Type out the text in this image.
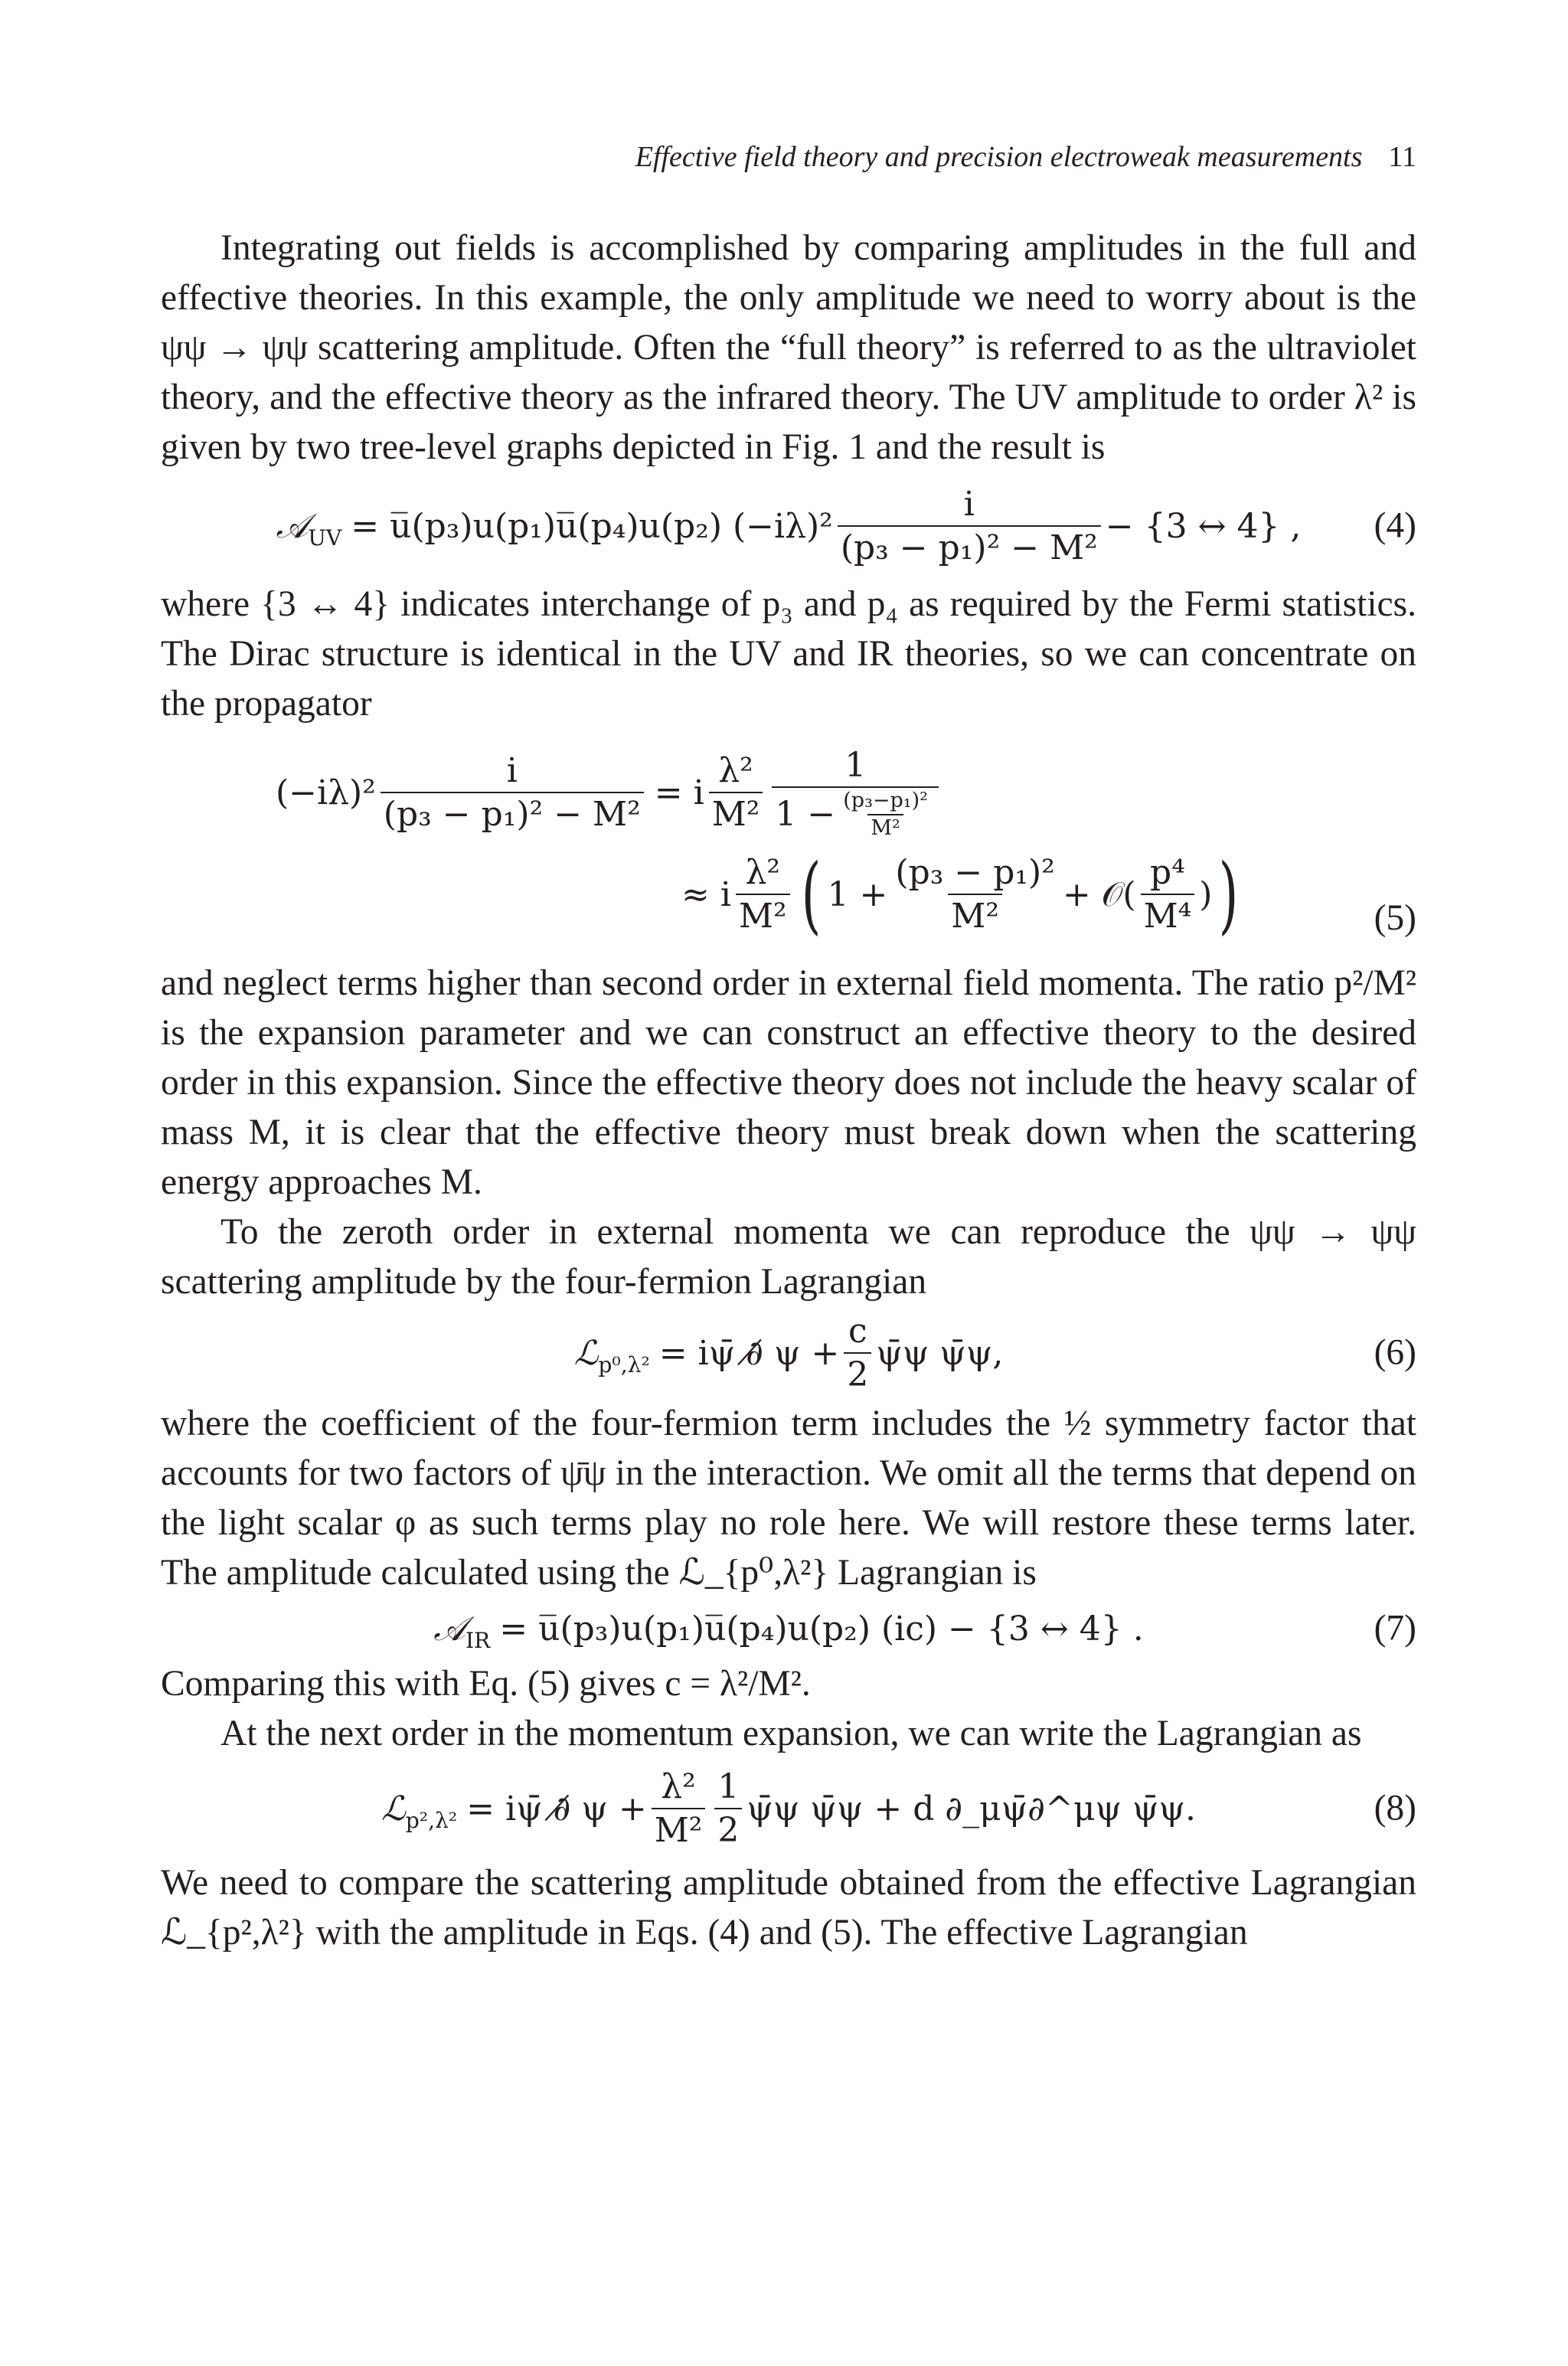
Effective field theory and precision electroweak measurements 11

Integrating out fields is accomplished by comparing amplitudes in the full and effective theories. In this example, the only amplitude we need to worry about is the ψψ → ψψ scattering amplitude. Often the “full theory” is referred to as the ultraviolet theory, and the effective theory as the infrared theory. The UV amplitude to order λ² is given by two tree-level graphs depicted in Fig. 1 and the result is

𝒜$_{UV}$ = u̅(p₃)u(p₁)u̅(p₄)u(p₂) $(-i\lambda)^2 \frac{i}{\text{(p₃ − p₁)² − M²}} - \{3$ ↔ 4} , (4)

where {3 ↔ 4} indicates interchange of p₃ and p₄ as required by the Fermi statistics. The Dirac structure is identical in the UV and IR theories, so we can concentrate on the propagator

$(-i\lambda)^2 \frac{i}{\text{(p₃ − p₁)² − M²}} = i \frac{\text{λ²}}{\text{M²}} \frac{1}{1 - \frac{\text{(p₃−p₁)²}}{\text{M²}}}$
≈ i $\frac{\text{λ²}}{\text{M²}}$ ( $1 + \frac{\text{(p₃ − p₁)²}}{\text{M²}}$ + 𝒪( $\frac{\text{p⁴}}{\text{M⁴}}$ ) )	(5)

and neglect terms higher than second order in external field momenta. The ratio p²/M² is the expansion parameter and we can construct an effective theory to the desired order in this expansion. Since the effective theory does not include the heavy scalar of mass M, it is clear that the effective theory must break down when the scattering energy approaches M.

To the zeroth order in external momenta we can reproduce the ψψ → ψψ scattering amplitude by the four-fermion Lagrangian

ℒ$_{p^0,\lambda^2}$ = iψ̄ ∂̸ $\psi + \frac{c}{2}$ ψ̄ψ ψ̄ψ,	(6)

where the coefficient of the four-fermion term includes the ½ symmetry factor that accounts for two factors of ψ̄ψ in the interaction. We omit all the terms that depend on the light scalar φ as such terms play no role here. We will restore these terms later. The amplitude calculated using the ℒ_{p⁰,λ²} Lagrangian is

𝒜$_{IR}$ = u̅(p₃)u(p₁)u̅(p₄)u(p₂) (ic) − {3 ↔ 4} .	(7)

Comparing this with Eq. (5) gives c = λ²/M².

At the next order in the momentum expansion, we can write the Lagrangian as

ℒ$_{p^2,\lambda^2}$ = iψ̄ ∂̸ $\psi + \frac{\text{λ²}}{\text{M²}} \frac{1}{2}$ ψ̄ψ ψ̄ψ + d ∂_μψ̄∂^μψ ψ̄ψ.	(8)

We need to compare the scattering amplitude obtained from the effective Lagrangian ℒ_{p²,λ²} with the amplitude in Eqs. (4) and (5). The effective Lagrangian
